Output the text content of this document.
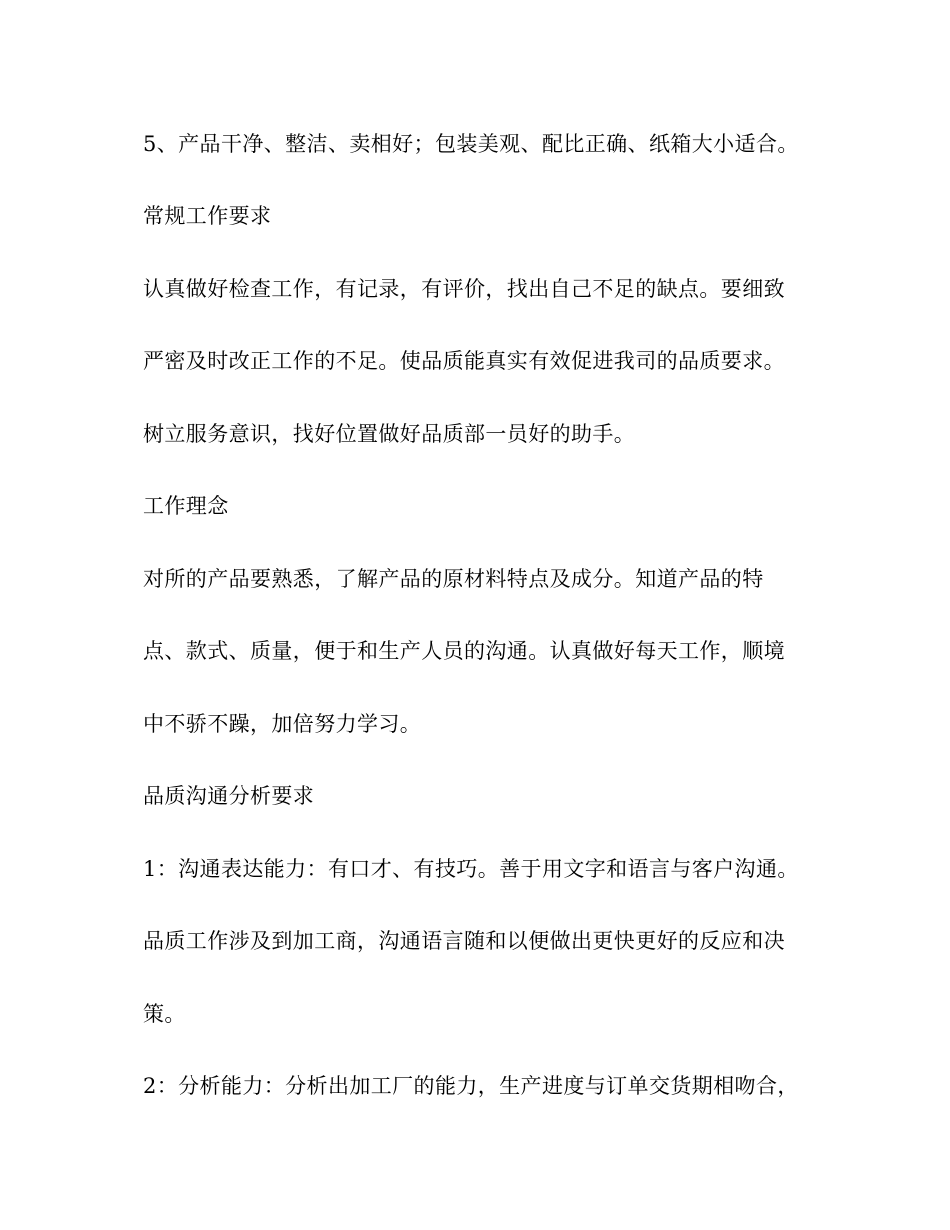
5、产品干净、整洁、卖相好；包装美观、配比正确、纸箱大小适合。
常规工作要求
认真做好检查工作，有记录，有评价，找出自己不足的缺点。要细致
严密及时改正工作的不足。使品质能真实有效促进我司的品质要求。
树立服务意识，找好位置做好品质部一员好的助手。
工作理念
对所的产品要熟悉，了解产品的原材料特点及成分。知道产品的特
点、款式、质量，便于和生产人员的沟通。认真做好每天工作，顺境
中不骄不躁，加倍努力学习。
品质沟通分析要求
1：沟通表达能力：有口才、有技巧。善于用文字和语言与客户沟通。
品质工作涉及到加工商，沟通语言随和以便做出更快更好的反应和决
策。
2：分析能力：分析出加工厂的能力，生产进度与订单交货期相吻合，
